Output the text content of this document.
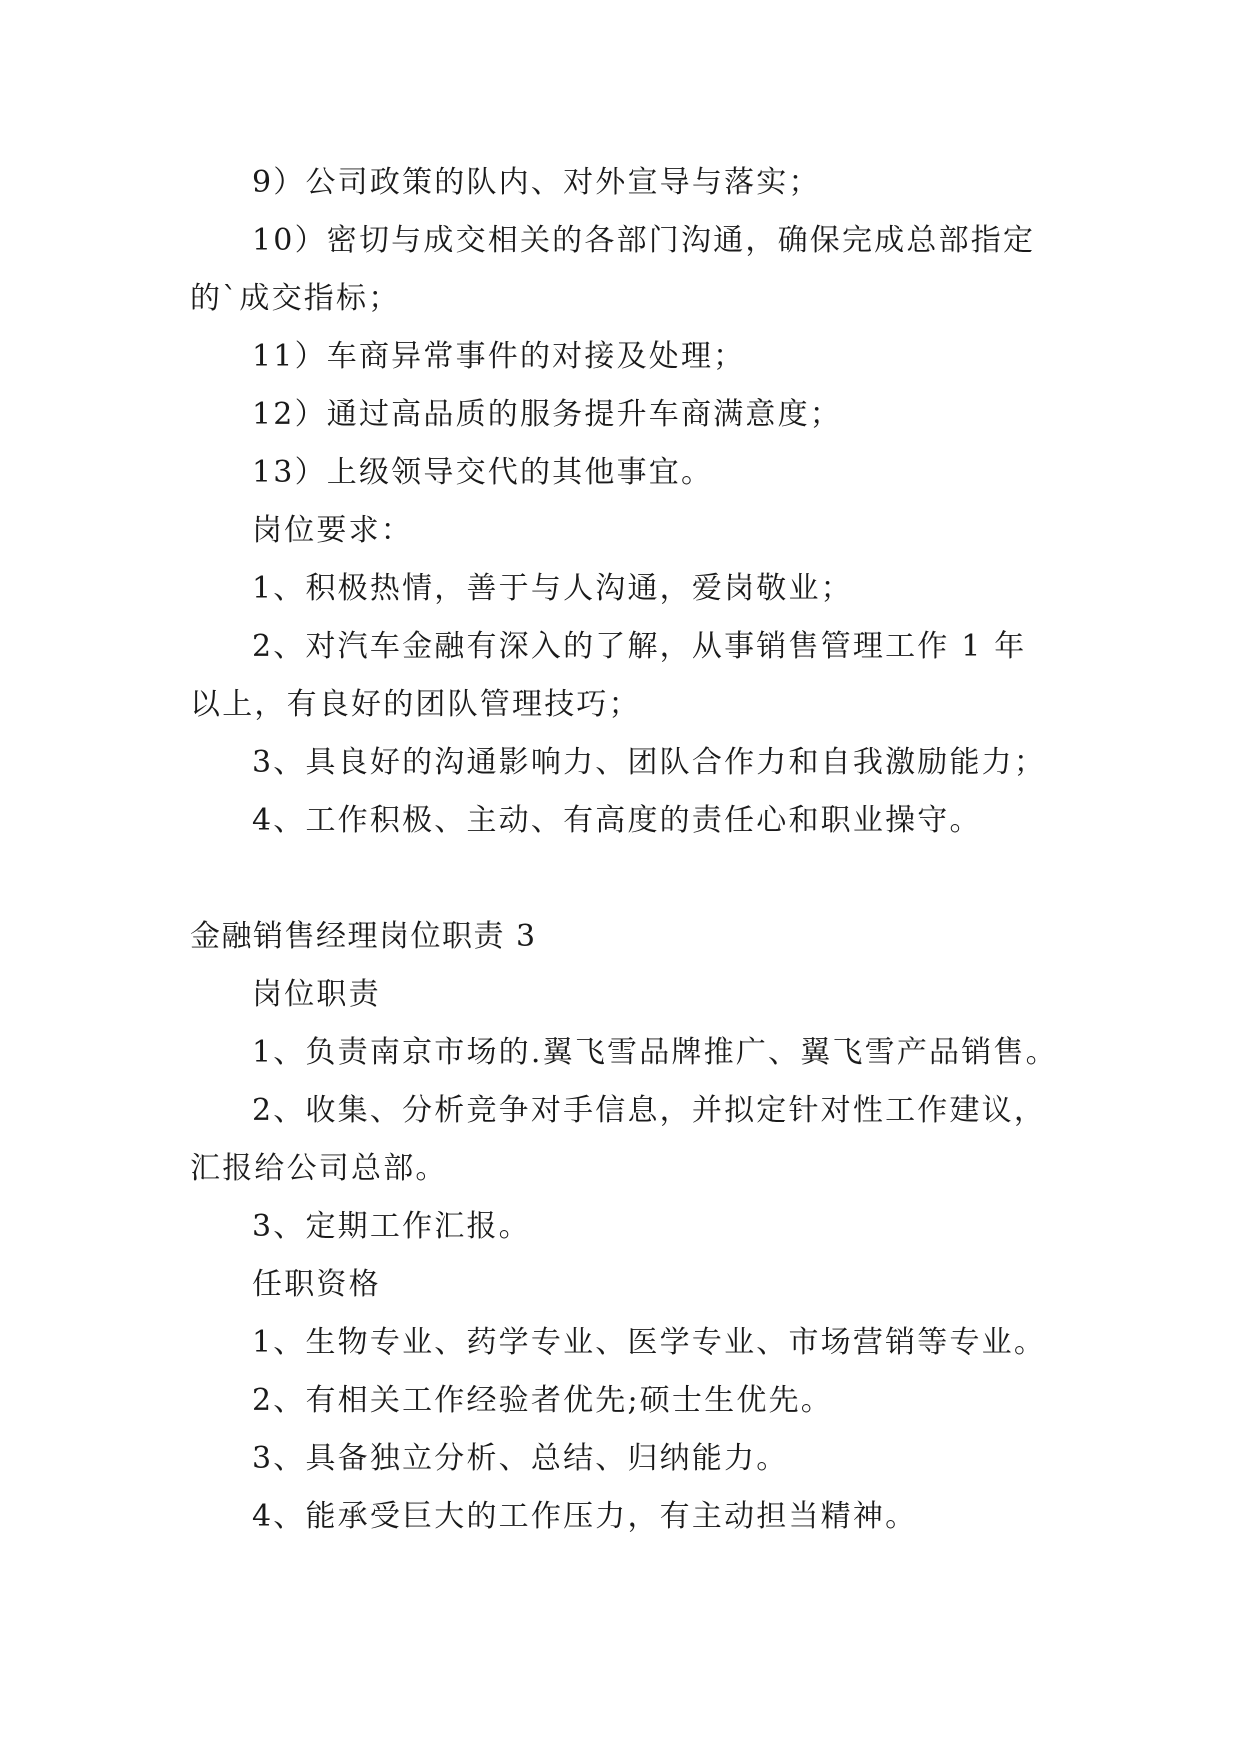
9）公司政策的队内、对外宣导与落实；
10）密切与成交相关的各部门沟通，确保完成总部指定
的`成交指标；
11）车商异常事件的对接及处理；
12）通过高品质的服务提升车商满意度；
13）上级领导交代的其他事宜。
岗位要求：
1、积极热情，善于与人沟通，爱岗敬业；
2、对汽车金融有深入的了解，从事销售管理工作 1 年
以上，有良好的团队管理技巧；
3、具良好的沟通影响力、团队合作力和自我激励能力；
4、工作积极、主动、有高度的责任心和职业操守。
金融销售经理岗位职责 3
岗位职责
1、负责南京市场的.翼飞雪品牌推广、翼飞雪产品销售。
2、收集、分析竞争对手信息，并拟定针对性工作建议，
汇报给公司总部。
3、定期工作汇报。
任职资格
1、生物专业、药学专业、医学专业、市场营销等专业。
2、有相关工作经验者优先;硕士生优先。
3、具备独立分析、总结、归纳能力。
4、能承受巨大的工作压力，有主动担当精神。
